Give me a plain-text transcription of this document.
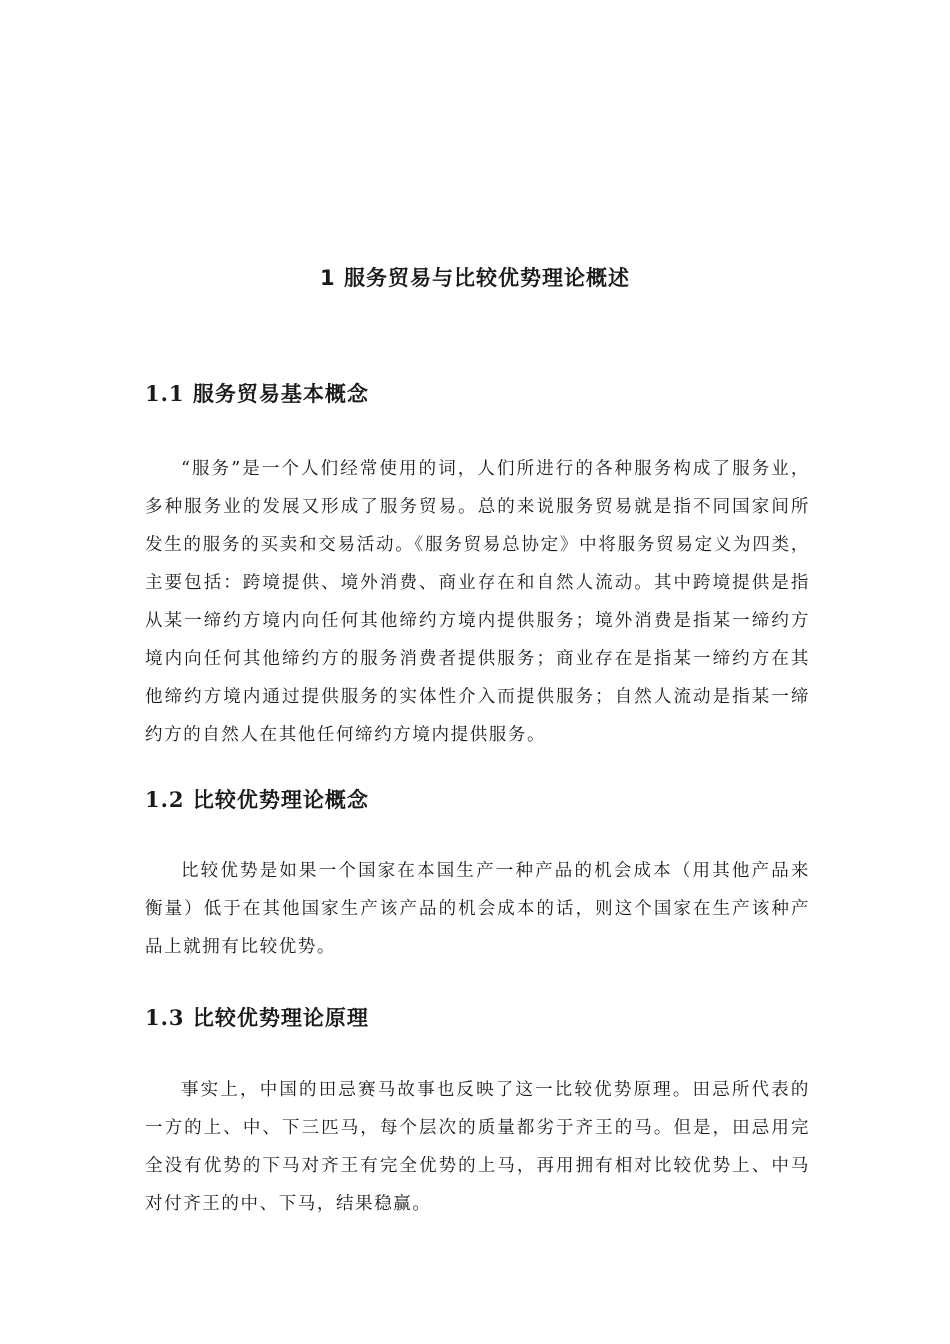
1 服务贸易与比较优势理论概述
1.1 服务贸易基本概念

“服务”是一个人们经常使用的词，人们所进行的各种服务构成了服务业，多种服务业的发展又形成了服务贸易。总的来说服务贸易就是指不同国家间所发生的服务的买卖和交易活动。《服务贸易总协定》中将服务贸易定义为四类，主要包括：跨境提供、境外消费、商业存在和自然人流动。其中跨境提供是指从某一缔约方境内向任何其他缔约方境内提供服务；境外消费是指某一缔约方境内向任何其他缔约方的服务消费者提供服务；商业存在是指某一缔约方在其他缔约方境内通过提供服务的实体性介入而提供服务；自然人流动是指某一缔约方的自然人在其他任何缔约方境内提供服务。

1.2 比较优势理论概念

比较优势是如果一个国家在本国生产一种产品的机会成本（用其他产品来衡量）低于在其他国家生产该产品的机会成本的话，则这个国家在生产该种产品上就拥有比较优势。

1.3 比较优势理论原理

事实上，中国的田忌赛马故事也反映了这一比较优势原理。田忌所代表的一方的上、中、下三匹马，每个层次的质量都劣于齐王的马。但是，田忌用完全没有优势的下马对齐王有完全优势的上马，再用拥有相对比较优势上、中马对付齐王的中、下马，结果稳赢。
